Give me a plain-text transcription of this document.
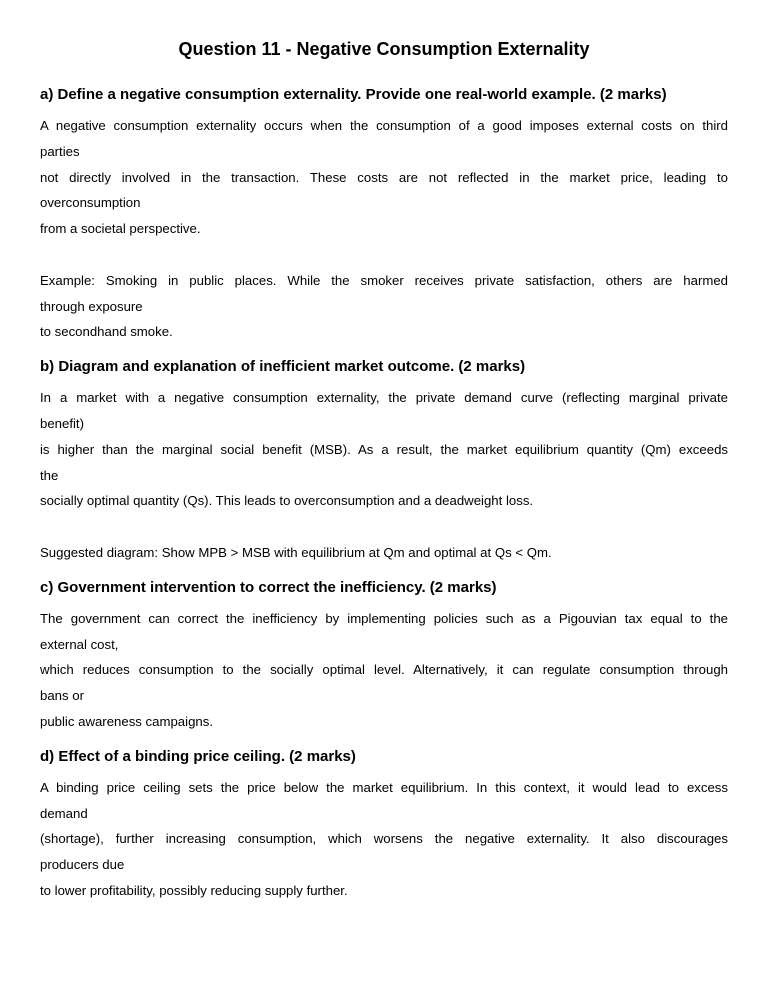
Question 11 - Negative Consumption Externality
a) Define a negative consumption externality. Provide one real-world example. (2 marks)

A negative consumption externality occurs when the consumption of a good imposes external costs on third
parties
not directly involved in the transaction. These costs are not reflected in the market price, leading to
overconsumption
from a societal perspective.
Example: Smoking in public places. While the smoker receives private satisfaction, others are harmed
through exposure
to secondhand smoke.

b) Diagram and explanation of inefficient market outcome. (2 marks)

In a market with a negative consumption externality, the private demand curve (reflecting marginal private
benefit)
is higher than the marginal social benefit (MSB). As a result, the market equilibrium quantity (Qm) exceeds
the
socially optimal quantity (Qs). This leads to overconsumption and a deadweight loss.
Suggested diagram: Show MPB > MSB with equilibrium at Qm and optimal at Qs < Qm.

c) Government intervention to correct the inefficiency. (2 marks)

The government can correct the inefficiency by implementing policies such as a Pigouvian tax equal to the
external cost,
which reduces consumption to the socially optimal level. Alternatively, it can regulate consumption through
bans or
public awareness campaigns.

d) Effect of a binding price ceiling. (2 marks)

A binding price ceiling sets the price below the market equilibrium. In this context, it would lead to excess
demand
(shortage), further increasing consumption, which worsens the negative externality. It also discourages
producers due
to lower profitability, possibly reducing supply further.
